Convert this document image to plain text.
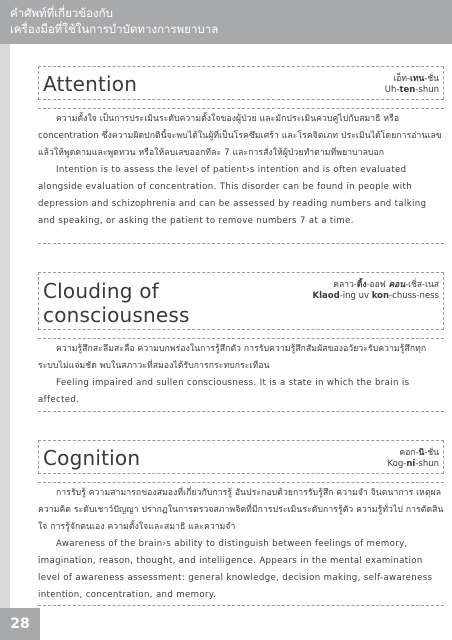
คำศัพท์ที่เกี่ยวข้องกับ
เครื่องมือที่ใช้ในการบำบัดทางการพยาบาล
28
Attention	เอ็ท-เทน-ชั่น
Uh-ten-shun
ความตั้งใจ เป็นการประเมินระดับความตั้งใจของผู้ป่วย และมักประเมินควบคู่ไปกับสมาธิ หรือ concentration ซึ่งความผิดปกตินี้จะพบได้ในผู้ที่เป็นโรคซึมเศร้า และโรคจิตเภท ประเมินได้โดยการอ่านเลขแล้วให้พูดตามและพูดทวน หรือให้ลบเลขออกทีละ 7 และการสั่งให้ผู้ป่วยทำตามที่พยาบาลบอก
Intention is to assess the level of patient›s intention and is often evaluated alongside evaluation of concentration. This disorder can be found in people with depression and schizophrenia and can be assessed by reading numbers and talking and speaking, or asking the patient to remove numbers 7 at a time.
Clouding of
consciousness
คลาว-ดิ้ง-ออฟ คอน-เชิ่ส-เนส
Klaod-ing uv kon-chuss-ness
ความรู้สึกสะลึมสะลือ ความบกพร่องในการรู้สึกตัว การรับความรู้สึกสัมผัสของอวัยวะรับความรู้สึกทุกระบบไม่แจ่มชัด พบในสภาวะที่สมองได้รับการกระทบกระเทือน
Feeling impaired and sullen consciousness. It is a state in which the brain is affected.
Cognition	คอก-นิ-ชั่น
Kog-ni-shun
การรับรู้ ความสามารถของสมองที่เกี่ยวกับการรู้ อันประกอบด้วยการรับรู้สึก ความจำ จินตนาการ เหตุผล ความคิด ระดับเชาว์ปัญญา ปรากฏในการตรวจสภาพจิตที่มีการประเมินระดับการรู้ตัว ความรู้ทั่วไป การตัดสินใจ การรู้จักตนเอง ความตั้งใจและสมาธิ และความจำ
Awareness of the brain›s ability to distinguish between feelings of memory, imagination, reason, thought, and intelligence. Appears in the mental examination level of awareness assessment: general knowledge, decision making, self-awareness intention, concentration, and memory.
